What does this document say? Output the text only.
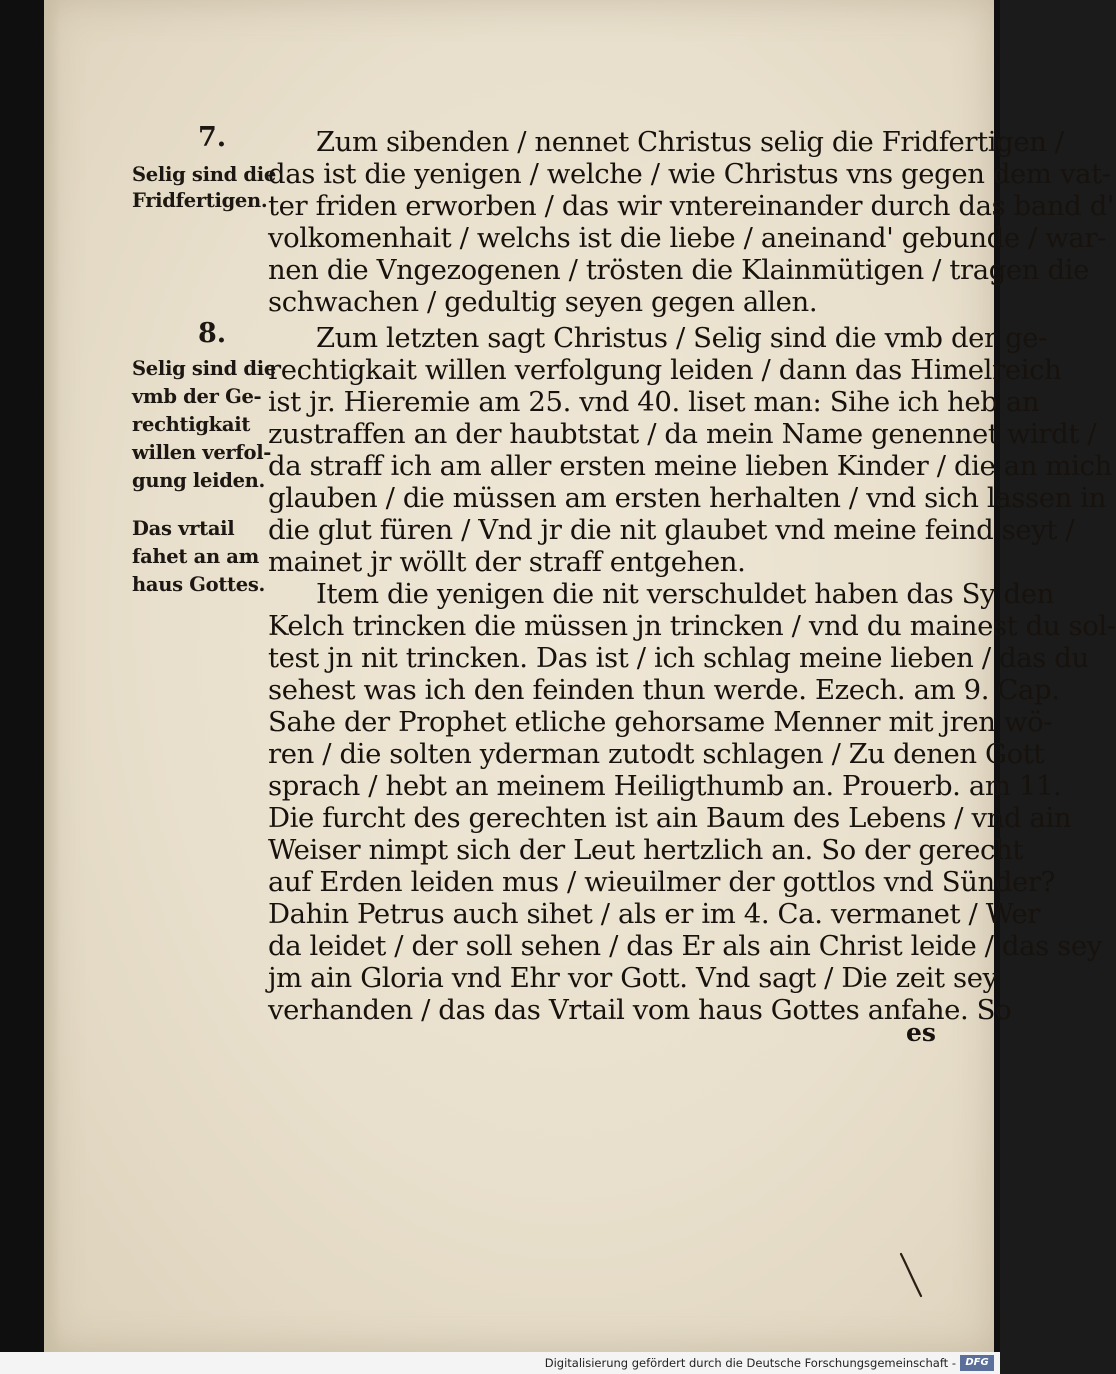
7.
Selig sind die
Fridfertigen.
8.
Selig sind die
vmb der Ge-
rechtigkait
willen verfol-
gung leiden.
Das vrtail
fahet an am
haus Gottes.
Zum sibenden / nennet Christus selig die Fridfertigen /
das ist die yenigen / welche / wie Christus vns gegen dem vat-
ter friden erworben / das wir vntereinander durch das band d'
volkomenhait / welchs ist die liebe / aneinand' gebunde / war-
nen die Vngezogenen / trösten die Klainmütigen / tragen die
schwachen / gedultig seyen gegen allen.
Zum letzten sagt Christus / Selig sind die vmb der ge-
rechtigkait willen verfolgung leiden / dann das Himelreich
ist jr. Hieremie am 25. vnd 40. liset man: Sihe ich heb an
zustraffen an der haubtstat / da mein Name genennet wirdt /
da straff ich am aller ersten meine lieben Kinder / die an mich
glauben / die müssen am ersten herhalten / vnd sich lassen in
die glut füren / Vnd jr die nit glaubet vnd meine feind seyt /
mainet jr wöllt der straff entgehen.
Item die yenigen die nit verschuldet haben das Sy den
Kelch trincken die müssen jn trincken / vnd du mainest du sol-
test jn nit trincken. Das ist / ich schlag meine lieben / das du
sehest was ich den feinden thun werde. Ezech. am 9. Cap.
Sahe der Prophet etliche gehorsame Menner mit jren wö-
ren / die solten yderman zutodt schlagen / Zu denen Gott
sprach / hebt an meinem Heiligthumb an. Prouerb. am 11.
Die furcht des gerechten ist ain Baum des Lebens / vnd ain
Weiser nimpt sich der Leut hertzlich an. So der gerecht
auf Erden leiden mus / wieuilmer der gottlos vnd Sünder?
Dahin Petrus auch sihet / als er im 4. Ca. vermanet / Wer
da leidet / der soll sehen / das Er als ain Christ leide / das sey
jm ain Gloria vnd Ehr vor Gott. Vnd sagt / Die zeit sey
verhanden / das das Vrtail vom haus Gottes anfahe. So
es
Digitalisierung gefördert durch die Deutsche Forschungsgemeinschaft - DFG
